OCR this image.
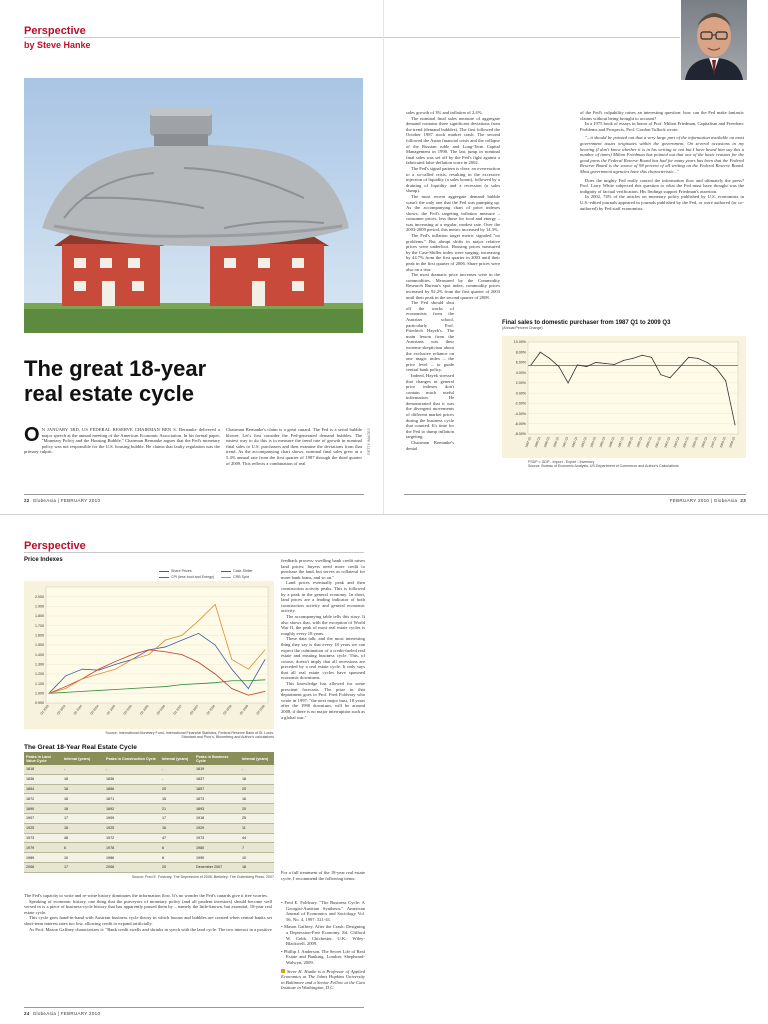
Perspective
by Steve Hanke
GETTY IMAGES
The great 18-year
real estate cycle
O N JANUARY 3RD, US FEDERAL RESERVE CHAIRMAN BEN S. Bernanke delivered a major speech at the annual meeting of the American Economic Association. In his formal paper, "Monetary Policy and the Housing Bubble," Chairman Bernanke argues that the Fed's monetary policy was not responsible for the U.S. housing bubble. He claims that faulty regulation was the primary culprit.

Chairman Bernanke's claim is a great canard. The Fed is a serial bubble blower. Let's first consider the Fed-generated demand bubbles. The easiest way to do this is to measure the trend rate of growth in nominal final sales to U.S. purchasers and then examine the deviations from that trend. As the accompanying chart shows, nominal final sales grew at a 5.4% annual rate from the first quarter of 1987 through the third quarter of 2009. This reflects a combination of real

sales growth of 3% and inflation of 2.4%.

The nominal final sales measure of aggregate demand contains three significant deviations from the trend (demand bubbles). The first followed the October 1987 stock market crash. The second followed the Asian financial crisis and the collapse of the Russian ruble and Long-Term Capital Management in 1998. The last jump in nominal final sales was set off by the Fed's fight against a fabricated false-deflation scare in 2002.

The Fed's signal pattern is clear: an overreaction to a so-called crisis, resulting in the excessive injection of liquidity (a sales boom), followed by a draining of liquidity and a recession (a sales slump).

The most recent aggregate demand bubble wasn't the only one that the Fed was pumping up. As the accompanying chart of price indexes shows, the Fed's targeting inflation measure – consumer prices, less those for food and energy – was increasing at a regular, modest rate. Over the 2003-2009 period, this metric increased by 14.3%.

The Fed's inflation target metric signaled "no problems." But abrupt shifts in major relative prices were underfoot. Housing prices measured by the Case-Shiller index were surging, increasing by 44.7% from the first quarter in 2003 until their peak in the first quarter of 2006. Share prices were also on a tear.

The most dramatic price increases were in the commodities. Measured by the Commodity Research Bureau's spot index, commodity prices increased by 92.2% from the first quarter of 2003 until their peak in the second quarter of 2008.

The Fed should shut off the works of economists from the Austrian school, particularly Prof. Friedrich Hayek's. The main lesson from the Austrians was their extreme skepticism about the exclusive reliance on one magic index – the price level – to guide central bank policy.

Indeed, Hayek stressed that changes in general price indexes don't contain much useful information. He demonstrated that it was the divergent movements of different market prices during the business cycle that counted. It's time for the Fed to dump inflation targeting.

Chairman Bernanke's denial

of the Fed's culpability raises an interesting question: how can the Fed make fantastic claims without being brought to account?

In a 1975 book of essays in honor of Prof. Milton Friedman, Capitalism and Freedom: Problems and Prospects, Prof. Gordon Tullock wrote:

"...it should be pointed out that a very large part of the information available on most government issues originates within the government. On several occasions in my hearing (I don't know whether it is in his writing or not but I have heard him say this a number of times) Milton Friedman has pointed out that one of the basic reasons for the good press the Federal Reserve Board has had for many years has been that the Federal Reserve Board is the source of 98 percent of all writing on the Federal Reserve Board. Most government agencies have this characteristic..."

Does the mighty Fed really control the information flow and ultimately the press? Prof. Larry White subjected this question to what the Fed must have thought was the indignity of factual verification. His findings support Friedman's assertion.

In 2002, 74% of the articles on monetary policy published by U.S. economists in U.S.-edited journals appeared in journals published by the Fed, or were authored (or co-authored) by Fed staff economists.

Final sales to domestic purchaser from 1987 Q1 to 2009 Q3
(Annual Percent Change)
10.00%
8.00%
6.00%
4.00%
2.00%
0.00%
-2.00%
-4.00%
-6.00%
-8.00%
1987 Q1 1988 Q1 1989 Q1 1990 Q1 1991 Q1 1992 Q1 1993 Q1 1994 Q1 1995 Q1 1996 Q1 1997 Q1 1998 Q1 1999 Q1 2000 Q1 2001 Q1 2002 Q1 2003 Q1 2004 Q1 2005 Q1 2006 Q1 2007 Q1 2008 Q1 2009 Q1
FSDP = GDP - Import - Export - Inventory
Source: Bureau of Economic Analysis, US Department of Commerce and Author's Calculations
22 GlobeAsia | FEBRUARY 2010	FEBRUARY 2010 | GlobeAsia 23
Perspective
Price Indexes
Share Prices	Case-Shiller
CPI (less food and Energy)	CRB Spot
2.000
1.900
1.800
1.700
1.600
1.500
1.400
1.300
1.200
1.100
1.000
0.900
Q1 2003 Q3 2003 Q1 2004 Q3 2004 Q1 2005 Q3 2005 Q1 2006 Q3 2006 Q1 2007 Q3 2007 Q1 2008 Q3 2008 Q1 2009 Q3 2009
Source: International Monetary Fund, International Financial Statistics, Federal Reserve Bank of St. Louis, Standard and Poor's, Bloomberg and Author's calculations
The Great 18-Year Real Estate Cycle
Peaks in Land Value Cycle	Interval (years)	Peaks in Construction Cycle	Interval (years)	Peaks in Business Cycle	Interval (years)
1818	-	-	-	1819	-
1836	18	1836	-	1837	18
1854	18	1856	20	1857	20
1872	18	1871	15	1873	16
1890	18	1892	21	1893	20
1907	17	1909	17	1918	25
1925	18	1925	16	1929	11
1973	48	1972	47	1973	44
1979	6	1978	6	1980	7
1989	10	1986	8	1990	10
2006	17	2006	20	December 2007	18
Source: Fred E. Foldvary, The Depression of 2008, Berkeley: The Gutenberg Press, 2007

The Fed's capacity to write and re-write history dominates the information flow. It's no wonder the Fed's canards give it free worries.

Speaking of economic history, one thing that the purveyors of monetary policy (and all prudent investors) should become well versed in is a piece of business-cycle history that has apparently passed them by – namely the little-known, but essential, 18-year real estate cycle.

This cycle goes hand-in-hand with Austrian business cycle theory in which booms and bubbles are created when central banks set short-term interest rates too low, allowing credit to expand artificially.

As Prof. Mason Gaffney characterizes it: "Bank credit swells and shrinks in synch with the land cycle. The two interact in a positive

feedback process: swelling bank credit raises land prices; buyers need more credit to purchase the land, but serves as collateral for more bank loans, and so on."

Land prices eventually peak and then construction activity peaks. This is followed by a peak in the general economy. In short, land prices are a leading indicator of both construction activity and general economic activity.

The accompanying table tells this story. It also shows that, with the exception of World War II, the peak of most real estate cycles is roughly every 18 years.

These data talk, and the most interesting thing they say is that every 18 years we can expect the culmination of a credit-fueled real estate and ensuing business cycle. This, of course, doesn't imply that all recessions are preceded by a real estate cycle. It only says that all real estate cycles have spawned economic downturns.

This knowledge has allowed for some prescient forecasts. The prize in that department goes to Prof. Fred Foldvary who wrote in 1997: "the next major bust, 18 years after the 1990 downturn, will be around 2008, if there is no major interruption such as a global war."

For a full treatment of the 18-year real estate cycle, I recommend the following items:

• Fred E. Foldvary. "The Business Cycle: A Georgist-Austrian Synthesis." American Journal of Economics and Sociology Vol. 56, No. 4, 1997: 521-41.
• Mason Gaffney. After the Crash: Designing a Depression-Free Economy. Ed. Clifford W. Cobb. Chichester, U.K.: Wiley-Blackwell, 2009.
• Phillip J. Anderson. The Secret Life of Real Estate and Banking. London: Shepheard-Walwyn, 2009.
Steve H. Hanke is a Professor of Applied Economics at The Johns Hopkins University in Baltimore and a Senior Fellow at the Cato Institute in Washington, D.C.
24 GlobeAsia | FEBRUARY 2010
